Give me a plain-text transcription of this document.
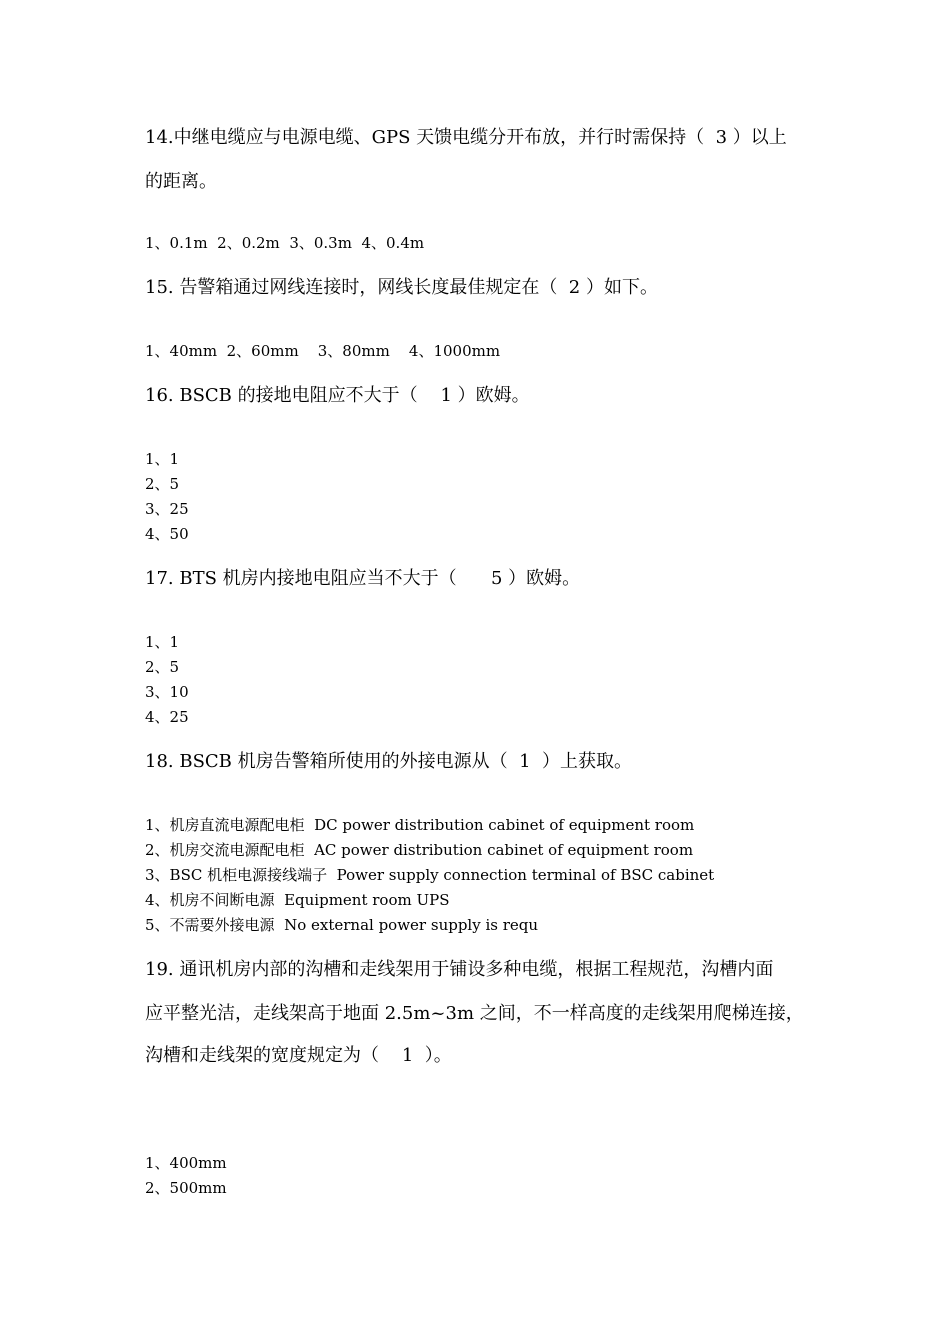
14.中继电缆应与电源电缆、GPS 天馈电缆分开布放，并行时需保持（  3 ）以上
的距离。
1、0.1m  2、0.2m  3、0.3m  4、0.4m
15. 告警箱通过网线连接时，网线长度最佳规定在（  2 ）如下。
1、40mm  2、60mm    3、80mm    4、1000mm
16. BSCB 的接地电阻应不大于（    1 ）欧姆。
1、1
2、5
3、25
4、50
17. BTS 机房内接地电阻应当不大于（      5 ）欧姆。
1、1
2、5
3、10
4、25
18. BSCB 机房告警箱所使用的外接电源从（  1  ）上获取。
1、机房直流电源配电柜  DC power distribution cabinet of equipment room
2、机房交流电源配电柜  AC power distribution cabinet of equipment room
3、BSC 机柜电源接线端子  Power supply connection terminal of BSC cabinet
4、机房不间断电源  Equipment room UPS
5、不需要外接电源  No external power supply is requ
19. 通讯机房内部的沟槽和走线架用于铺设多种电缆，根据工程规范，沟槽内面
应平整光洁，走线架高于地面 2.5m~3m 之间，不一样高度的走线架用爬梯连接，
沟槽和走线架的宽度规定为（    1  ）。
1、400mm
2、500mm
